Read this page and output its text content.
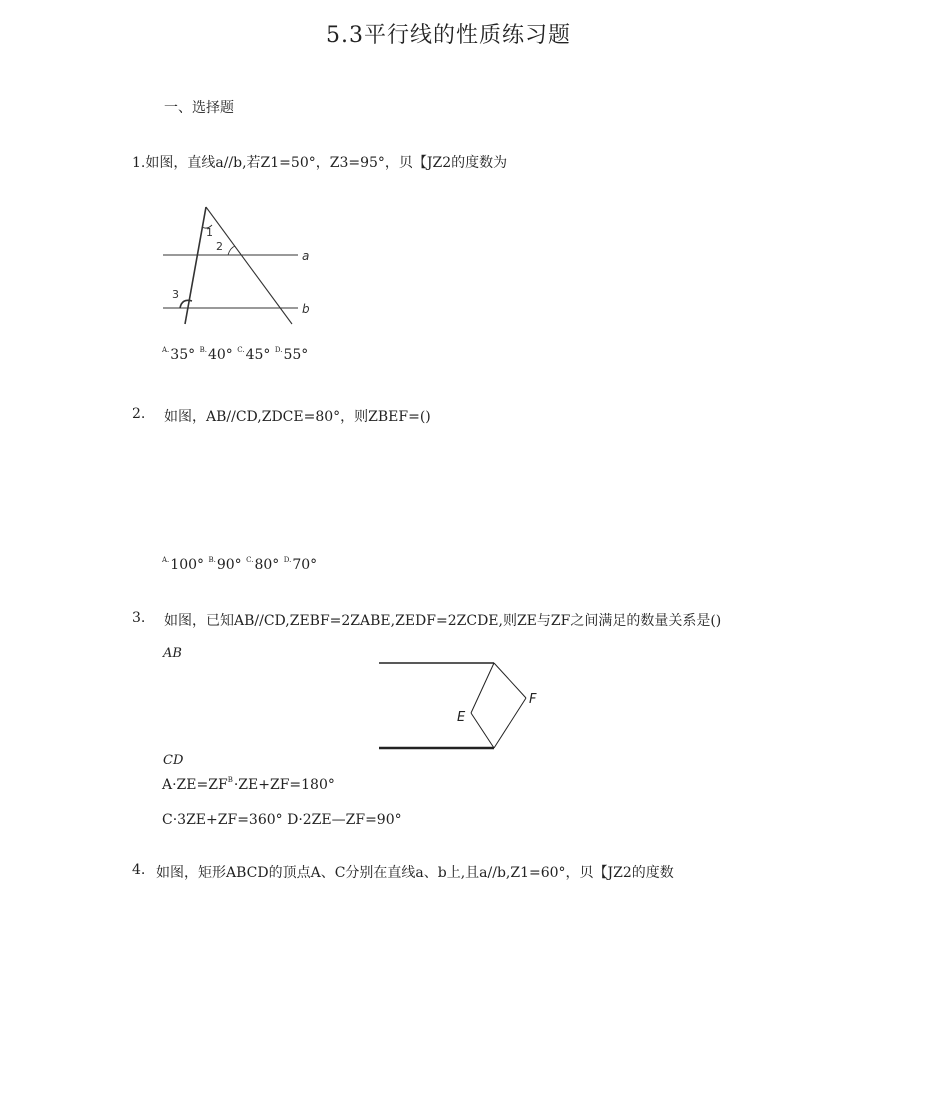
5.3平行线的性质练习题
一、选择题
1.如图，直线a//b,若Z1=50°，Z3=95°，贝【JZ2的度数为
1
2
3
a
b
$^{A.}$35° $^{B.}$40° $^{C.}$45° $^{D.}$55°
2. 如图，AB//CD,ZDCE=80°，则ZBEF=()
$^{A.}$100° $^{B.}$90° $^{C.}$80° $^{D.}$70°
3. 如图，已知AB//CD,ZEBF=2ZABE,ZEDF=2ZCDE,则ZE与ZF之间满足的数量关系是()
AB
E
F
CD
$A\cdot ZE=ZF^B\cdot ZE+ZF=180^\circ$
C·3ZE+ZF=360° D·2ZE—ZF=90°
4. 如图，矩形ABCD的顶点A、C分别在直线a、b上,且a//b,Z1=60°，贝【JZ2的度数
